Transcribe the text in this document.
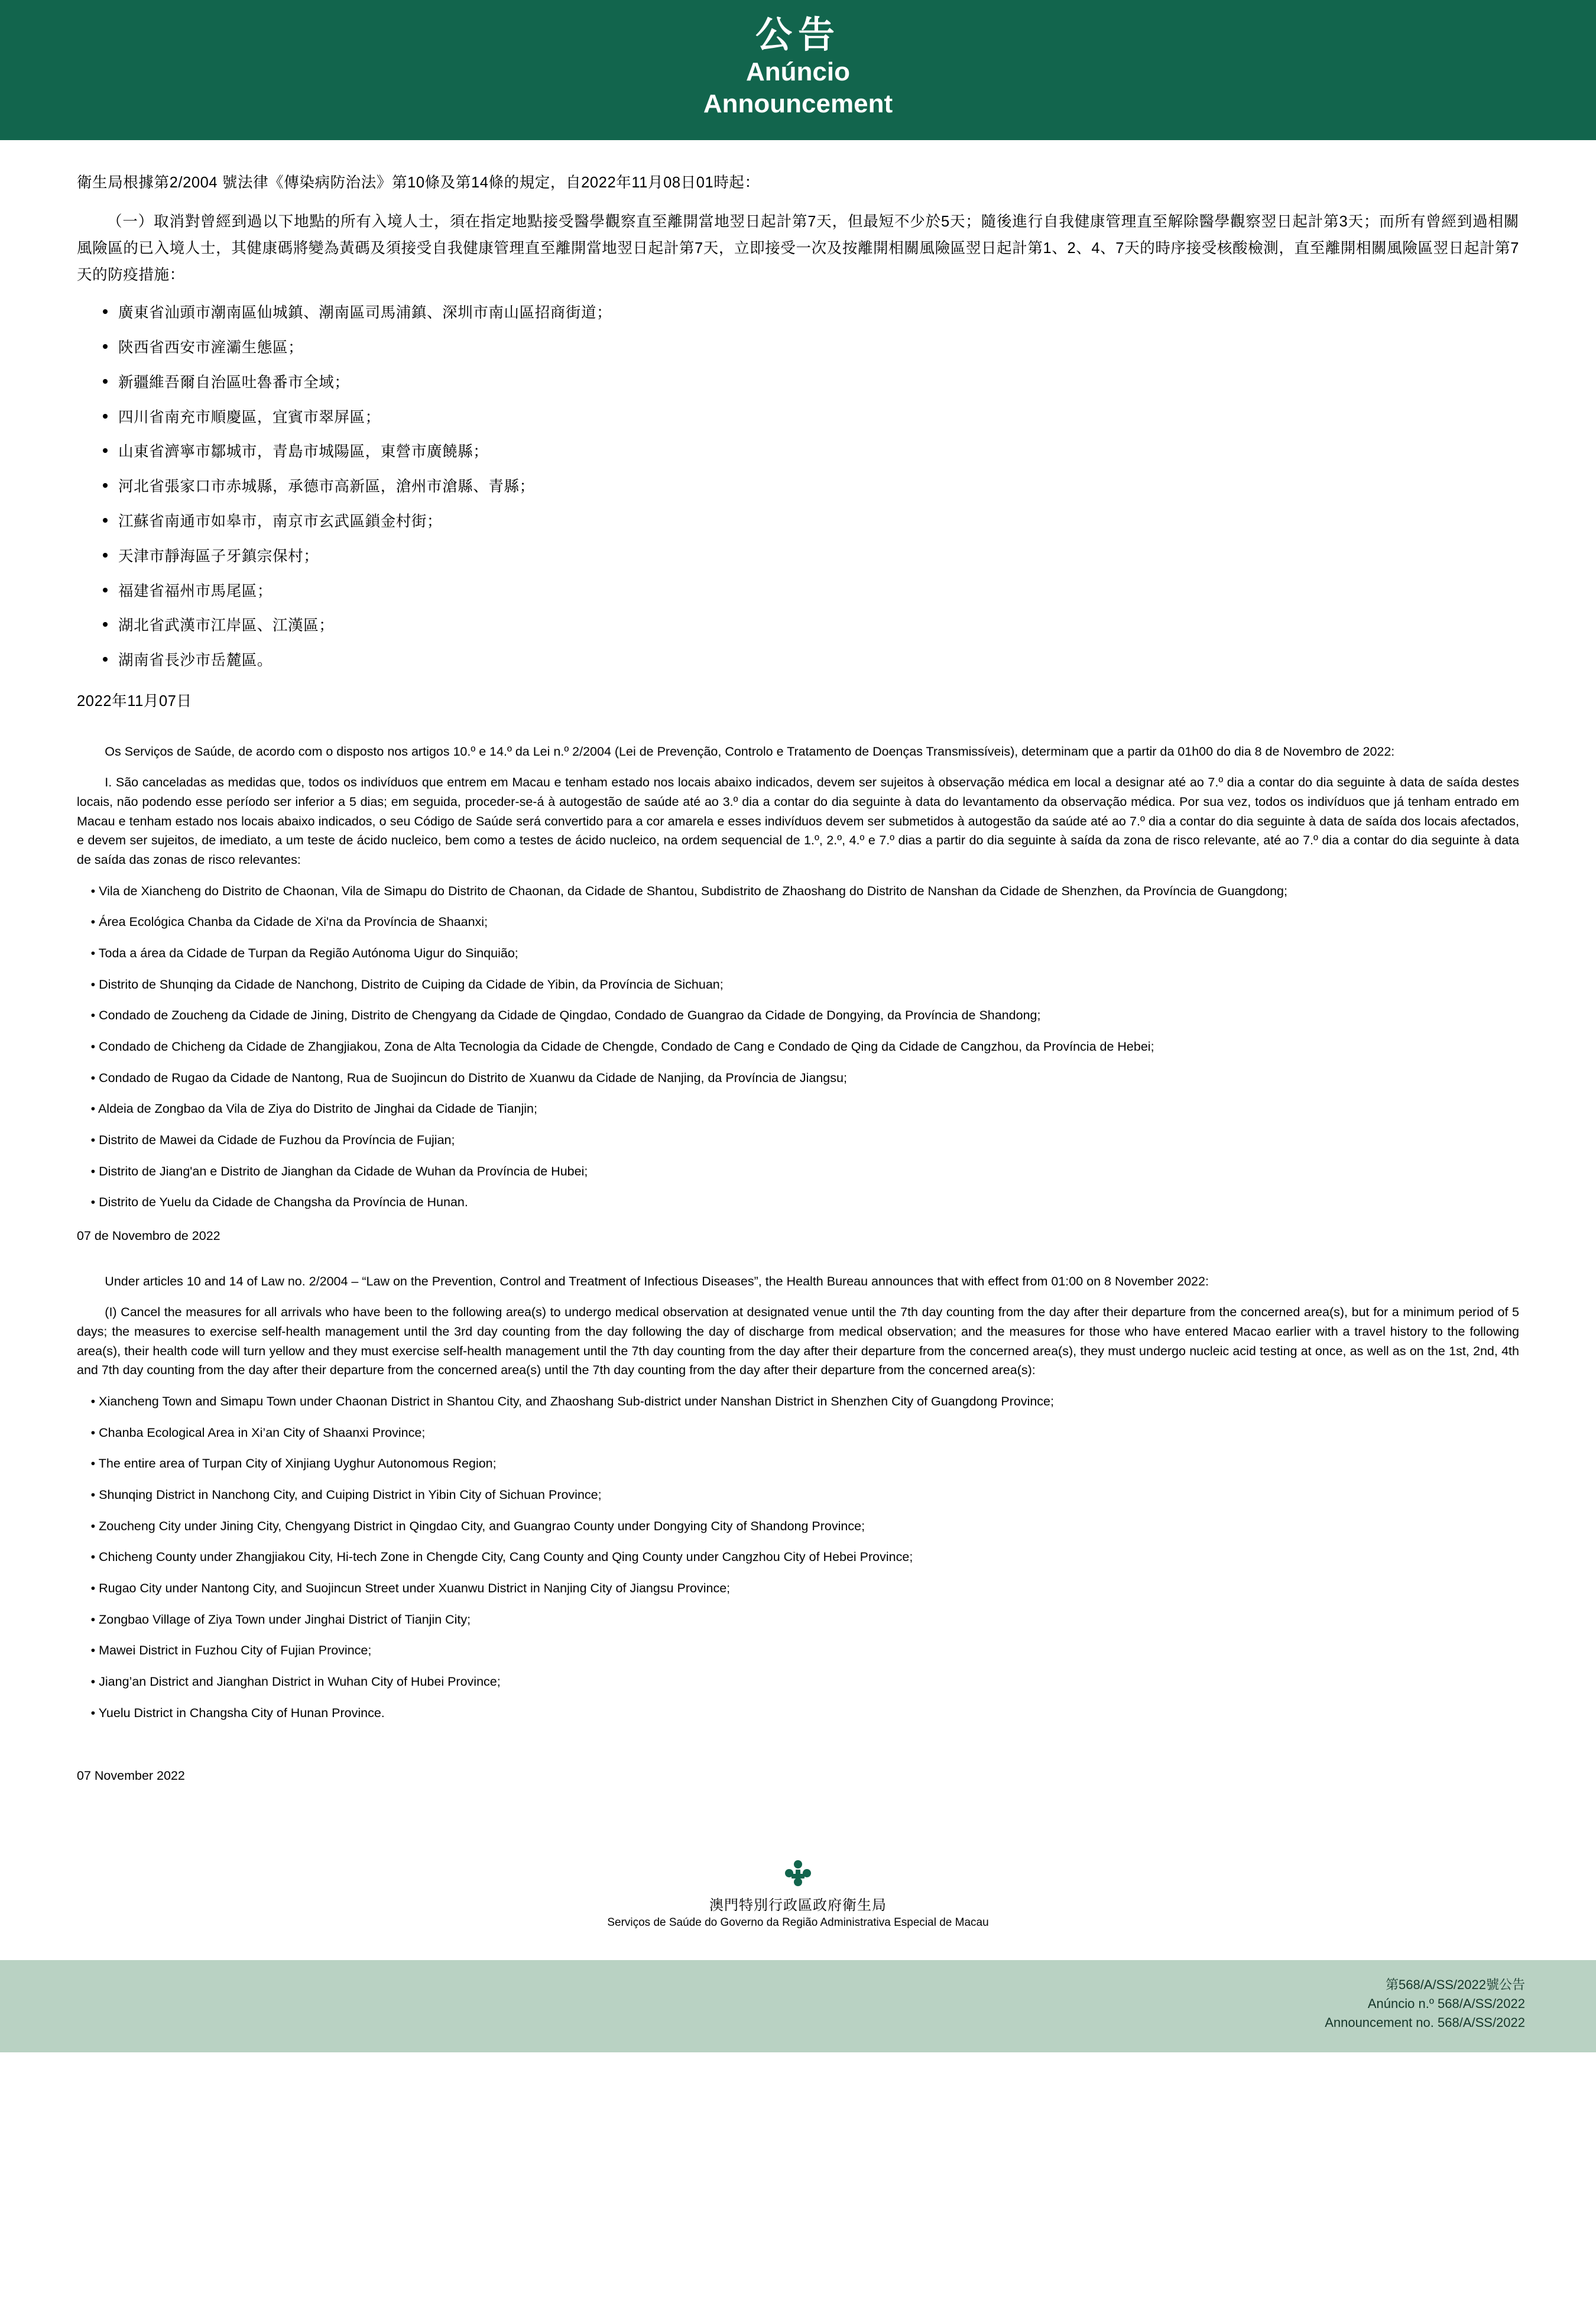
公告
Anúncio
Announcement
衛生局根據第2/2004 號法律《傳染病防治法》第10條及第14條的規定，自2022年11月08日01時起：
（一）取消對曾經到過以下地點的所有入境人士，須在指定地點接受醫學觀察直至離開當地翌日起計第7天，但最短不少於5天；隨後進行自我健康管理直至解除醫學觀察翌日起計第3天；而所有曾經到過相關風險區的已入境人士，其健康碼將變為黃碼及須接受自我健康管理直至離開當地翌日起計第7天，立即接受一次及按離開相關風險區翌日起計第1、2、4、7天的時序接受核酸檢測，直至離開相關風險區翌日起計第7天的防疫措施：
廣東省汕頭市潮南區仙城鎮、潮南區司馬浦鎮、深圳市南山區招商街道；
陝西省西安市滻灞生態區；
新疆維吾爾自治區吐魯番市全域；
四川省南充市順慶區，宜賓市翠屏區；
山東省濟寧市鄒城市，青島市城陽區，東營市廣饒縣；
河北省張家口市赤城縣，承德市高新區，滄州市滄縣、青縣；
江蘇省南通市如皋市，南京市玄武區鎖金村街；
天津市靜海區子牙鎮宗保村；
福建省福州市馬尾區；
湖北省武漢市江岸區、江漢區；
湖南省長沙市岳麓區。
2022年11月07日
Os Serviços de Saúde, de acordo com o disposto nos artigos 10.º e 14.º da Lei n.º 2/2004 (Lei de Prevenção, Controlo e Tratamento de Doenças Transmissíveis), determinam que a partir da 01h00 do dia 8 de Novembro de 2022:
I. São canceladas as medidas que, todos os indivíduos que entrem em Macau e tenham estado nos locais abaixo indicados, devem ser sujeitos à observação médica em local a designar até ao 7.º dia a contar do dia seguinte à data de saída destes locais, não podendo esse período ser inferior a 5 dias; em seguida, proceder-se-á à autogestão de saúde até ao 3.º dia a contar do dia seguinte à data do levantamento da observação médica. Por sua vez, todos os indivíduos que já tenham entrado em Macau e tenham estado nos locais abaixo indicados, o seu Código de Saúde será convertido para a cor amarela e esses indivíduos devem ser submetidos à autogestão da saúde até ao 7.º dia a contar do dia seguinte à data de saída dos locais afectados, e devem ser sujeitos, de imediato, a um teste de ácido nucleico, bem como a testes de ácido nucleico, na ordem sequencial de 1.º, 2.º, 4.º e 7.º dias a partir do dia seguinte à saída da zona de risco relevante, até ao 7.º dia a contar do dia seguinte à data de saída das zonas de risco relevantes:
• Vila de Xiancheng do Distrito de Chaonan, Vila de Simapu do Distrito de Chaonan, da Cidade de Shantou, Subdistrito de Zhaoshang do Distrito de Nanshan da Cidade de Shenzhen, da Província de Guangdong;
• Área Ecológica Chanba da Cidade de Xi'na da Província de Shaanxi;
• Toda a área da Cidade de Turpan da Região Autónoma Uigur do Sinquião;
• Distrito de Shunqing da Cidade de Nanchong, Distrito de Cuiping da Cidade de Yibin, da Província de Sichuan;
• Condado de Zoucheng da Cidade de Jining, Distrito de Chengyang da Cidade de Qingdao, Condado de Guangrao da Cidade de Dongying, da Província de Shandong;
• Condado de Chicheng da Cidade de Zhangjiakou, Zona de Alta Tecnologia da Cidade de Chengde, Condado de Cang e Condado de Qing da Cidade de Cangzhou, da Província de Hebei;
• Condado de Rugao da Cidade de Nantong, Rua de Suojincun do Distrito de Xuanwu da Cidade de Nanjing, da Província de Jiangsu;
• Aldeia de Zongbao da Vila de Ziya do Distrito de Jinghai da Cidade de Tianjin;
• Distrito de Mawei da Cidade de Fuzhou da Província de Fujian;
• Distrito de Jiang'an e Distrito de Jianghan da Cidade de Wuhan da Província de Hubei;
• Distrito de Yuelu da Cidade de Changsha da Província de Hunan.
07 de Novembro de 2022
Under articles 10 and 14 of Law no. 2/2004 – “Law on the Prevention, Control and Treatment of Infectious Diseases”, the Health Bureau announces that with effect from 01:00 on 8 November 2022:
(I) Cancel the measures for all arrivals who have been to the following area(s) to undergo medical observation at designated venue until the 7th day counting from the day after their departure from the concerned area(s), but for a minimum period of 5 days; the measures to exercise self-health management until the 3rd day counting from the day following the day of discharge from medical observation; and the measures for those who have entered Macao earlier with a travel history to the following area(s), their health code will turn yellow and they must exercise self-health management until the 7th day counting from the day after their departure from the concerned area(s), they must undergo nucleic acid testing at once, as well as on the 1st, 2nd, 4th and 7th day counting from the day after their departure from the concerned area(s) until the 7th day counting from the day after their departure from the concerned area(s):
• Xiancheng Town and Simapu Town under Chaonan District in Shantou City, and Zhaoshang Sub-district under Nanshan District in Shenzhen City of Guangdong Province;
• Chanba Ecological Area in Xi’an City of Shaanxi Province;
• The entire area of Turpan City of Xinjiang Uyghur Autonomous Region;
• Shunqing District in Nanchong City, and Cuiping District in Yibin City of Sichuan Province;
• Zoucheng City under Jining City, Chengyang District in Qingdao City, and Guangrao County under Dongying City of Shandong Province;
• Chicheng County under Zhangjiakou City, Hi-tech Zone in Chengde City, Cang County and Qing County under Cangzhou City of Hebei Province;
• Rugao City under Nantong City, and Suojincun Street under Xuanwu District in Nanjing City of Jiangsu Province;
• Zongbao Village of Ziya Town under Jinghai District of Tianjin City;
• Mawei District in Fuzhou City of Fujian Province;
• Jiang’an District and Jianghan District in Wuhan City of Hubei Province;
• Yuelu District in Changsha City of Hunan Province.
07 November 2022
澳門特別行政區政府衛生局
Serviços de Saúde do Governo da Região Administrativa Especial de Macau
第568/A/SS/2022號公告
Anúncio n.º 568/A/SS/2022
Announcement no. 568/A/SS/2022
